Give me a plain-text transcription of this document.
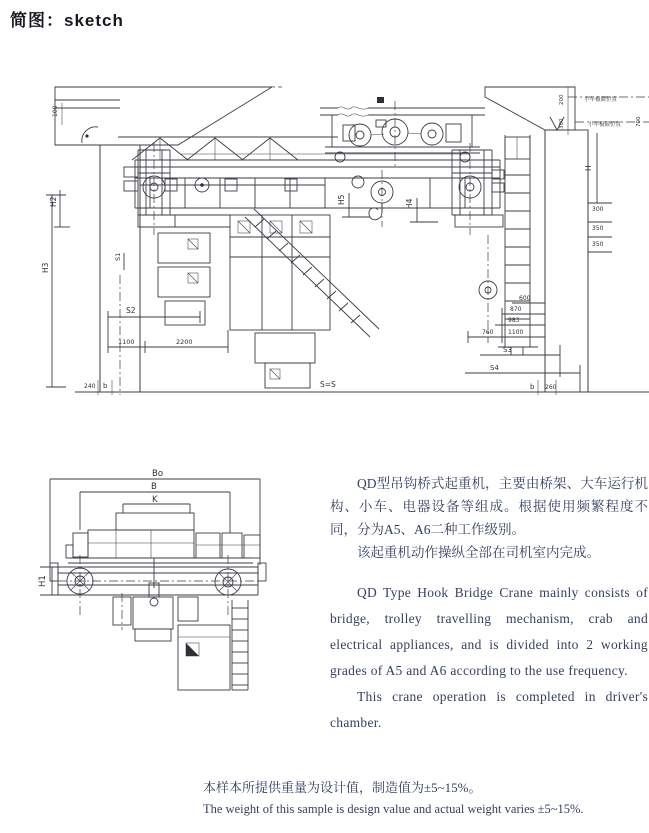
简图：sketch
100
H2
H3
S1
S2
1100	2200
240 b	S=S
H5	H4
600
870
983
760 1100
S3
S4
b 260
200
300
小车极限位置
小车极限位置	700
H
300
350
350
Bo
B
K
H1

QD型吊钩桥式起重机，主要由桥架、大车运行机构、小车、电器设备等组成。根据使用频繁程度不同，分为A5、A6二种工作级别。

该起重机动作操纵全部在司机室内完成。

QD Type Hook Bridge Crane mainly consists of bridge, trolley travelling mechanism, crab and electrical appliances, and is divided into 2 working grades of A5 and A6 according to the use frequency.

This crane operation is completed in driver's chamber.

本样本所提供重量为设计值，制造值为±5~15%。

The weight of this sample is design value and actual weight varies ±5~15%.
